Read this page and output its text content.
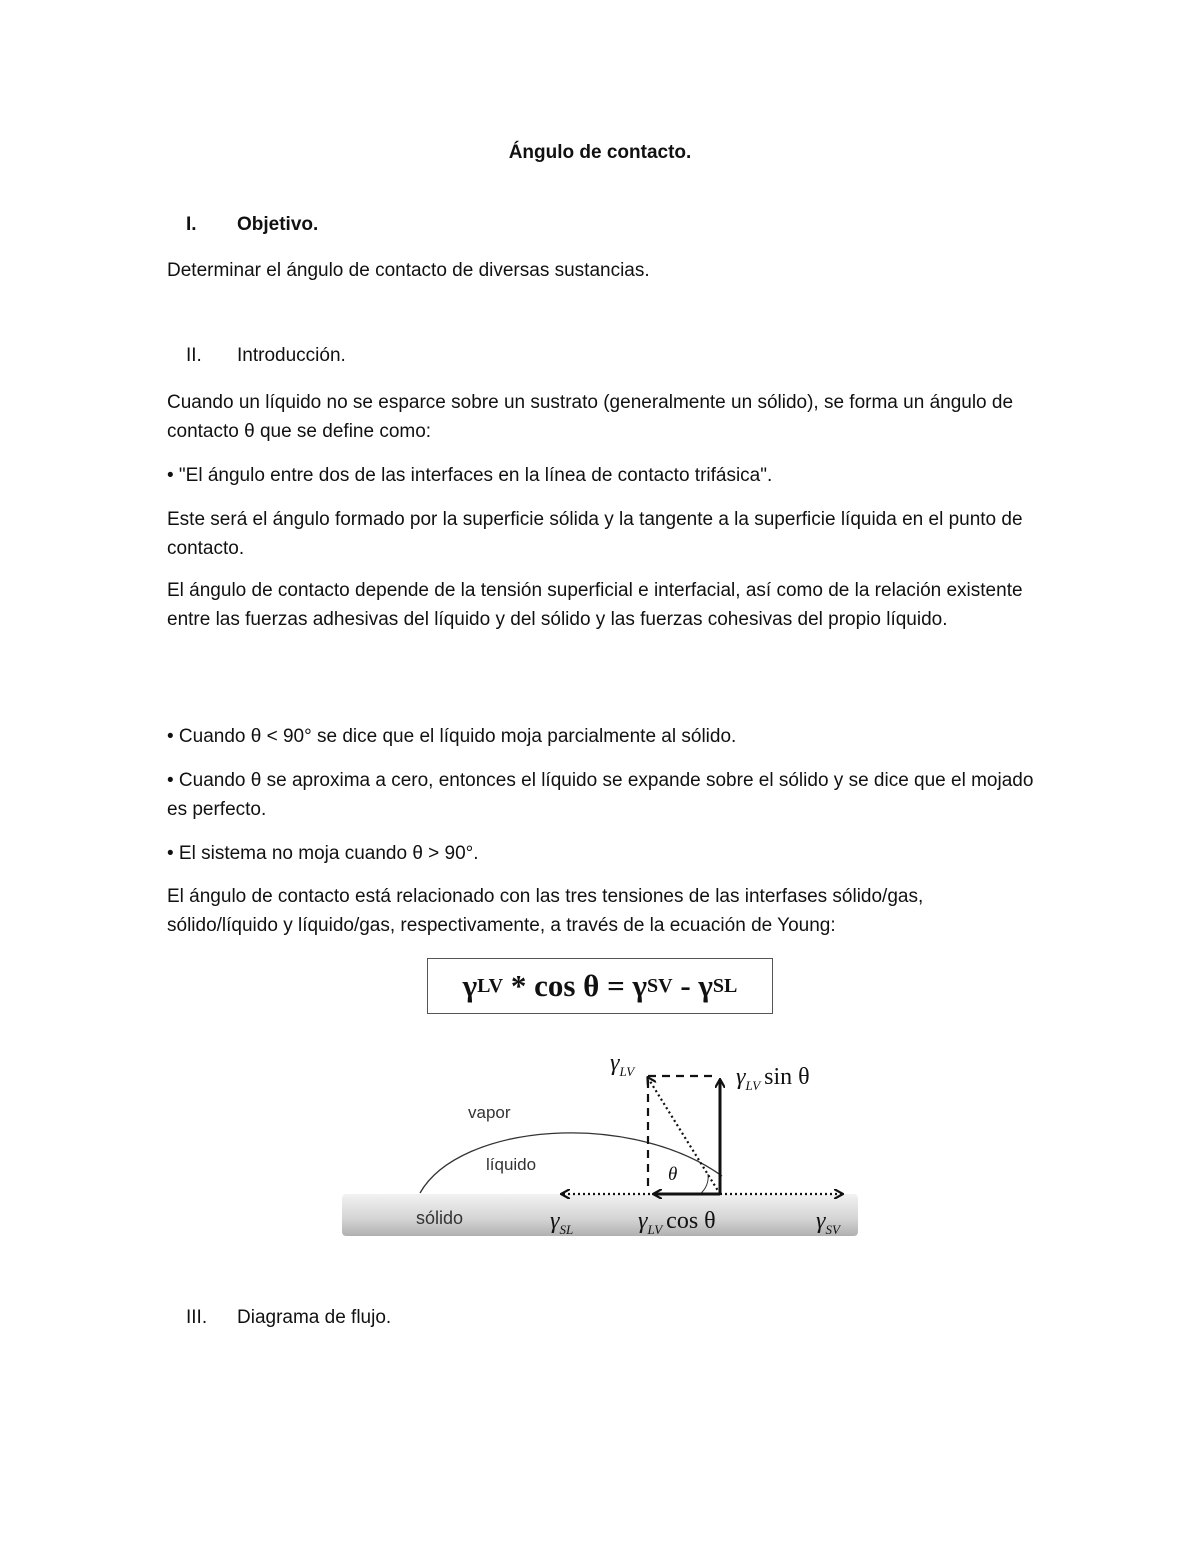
Ángulo de contacto.
I.	Objetivo.
Determinar el ángulo de contacto de diversas sustancias.
II.	Introducción.
Cuando un líquido no se esparce sobre un sustrato (generalmente un sólido), se forma un ángulo de contacto θ que se define como:
• "El ángulo entre dos de las interfaces en la línea de contacto trifásica".
Este será el ángulo formado por la superficie sólida y la tangente a la superficie líquida en el punto de contacto.
El ángulo de contacto depende de la tensión superficial e interfacial, así como de la relación existente entre las fuerzas adhesivas del líquido y del sólido y las fuerzas cohesivas del propio líquido.
• Cuando θ < 90° se dice que el líquido moja parcialmente al sólido.
• Cuando θ se aproxima a cero, entonces el líquido se expande sobre el sólido y se dice que el mojado es perfecto.
• El sistema no moja cuando θ > 90°.
El ángulo de contacto está relacionado con las tres tensiones de las interfases sólido/gas, sólido/líquido y líquido/gas, respectivamente, a través de la ecuación de Young:
γ LV * cos θ = γ SV - γ SL
vapor
líquido
sólido
θ
$\gamma_{LV}$	$\gamma_{LV}$ sin θ
$\gamma_{SL}$	$\gamma_{LV}$ cos θ	$\gamma_{SV}$
III.	Diagrama de flujo.
